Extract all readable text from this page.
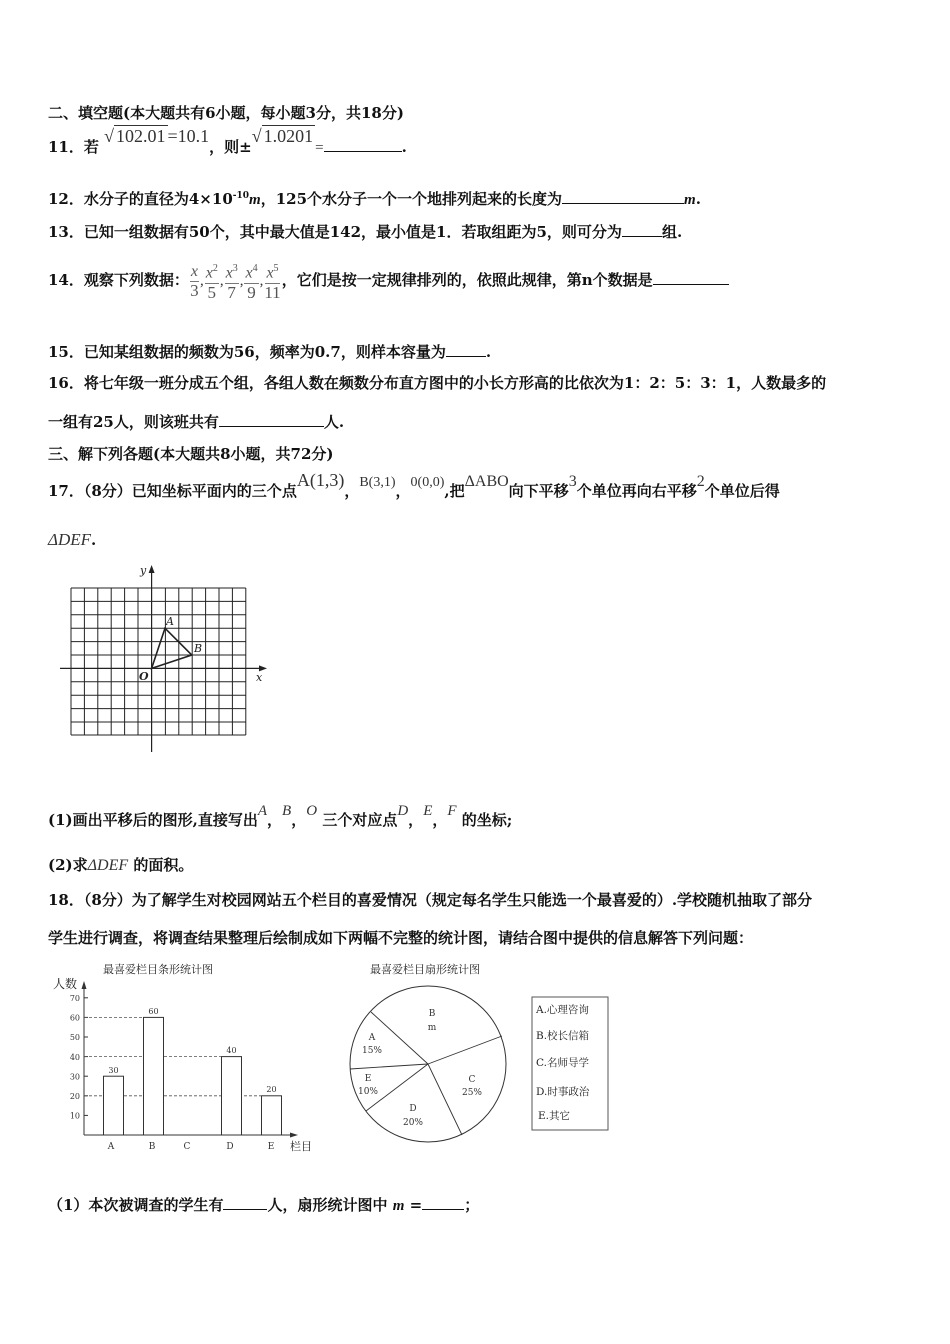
二、填空题(本大题共有6小题，每小题3分，共18分)
11．若 √ 102.01 =10.1，则±√ 1.0201=	.
12．水分子的直径为$4\times 10^{-10}m$，125个水分子一个一个地排列起来的长度为	m.
13．已知一组数据有50个，其中最大值是142，最小值是1．若取组距为5，则可分为	组.
14．观察下列数据： $\frac{x}{3}$ , $\frac{x^2}{5}$ , $\frac{x^3}{7}$ , $\frac{x^4}{9}$ , $\frac{x^5}{11}$ ，它们是按一定规律排列的，依照此规律，第n个数据是
15．已知某组数据的频数为56，频率为0.7，则样本容量为	.
16．将七年级一班分成五个组，各组人数在频数分布直方图中的小长方形高的比依次为1：2：5：3：1，人数最多的
一组有25人，则该班共有	人.
三、解下列各题(本大题共8小题，共72分)
17．（8分）已知坐标平面内的三个点A(1,3)，B(3,1)，0(0,0),把ΔABO向下平移3个单位再向右平移2个单位后得
ΔDEF.
x
y
A
B
O
(1)画出平移后的图形,直接写出A，B，O 三个对应点D，E，F 的坐标;
(2)求ΔDEF 的面积。
18．（8分）为了解学生对校园网站五个栏目的喜爱情况（规定每名学生只能选一个最喜爱的）.学校随机抽取了部分
学生进行调查，将调查结果整理后绘制成如下两幅不完整的统计图，请结合图中提供的信息解答下列问题：
最喜爱栏目条形统计图
人数
10
20
30
40
50
60
70
30
60
40
20
A	B	C	D	E 栏目
最喜爱栏目扇形统计图
B
m
A
15%
E
10%
C
25%
D
20%
A.心理咨询
B.校长信箱
C.名师导学
D.时事政治
E.其它
（1）本次被调查的学生有	人，扇形统计图中 m =	；
